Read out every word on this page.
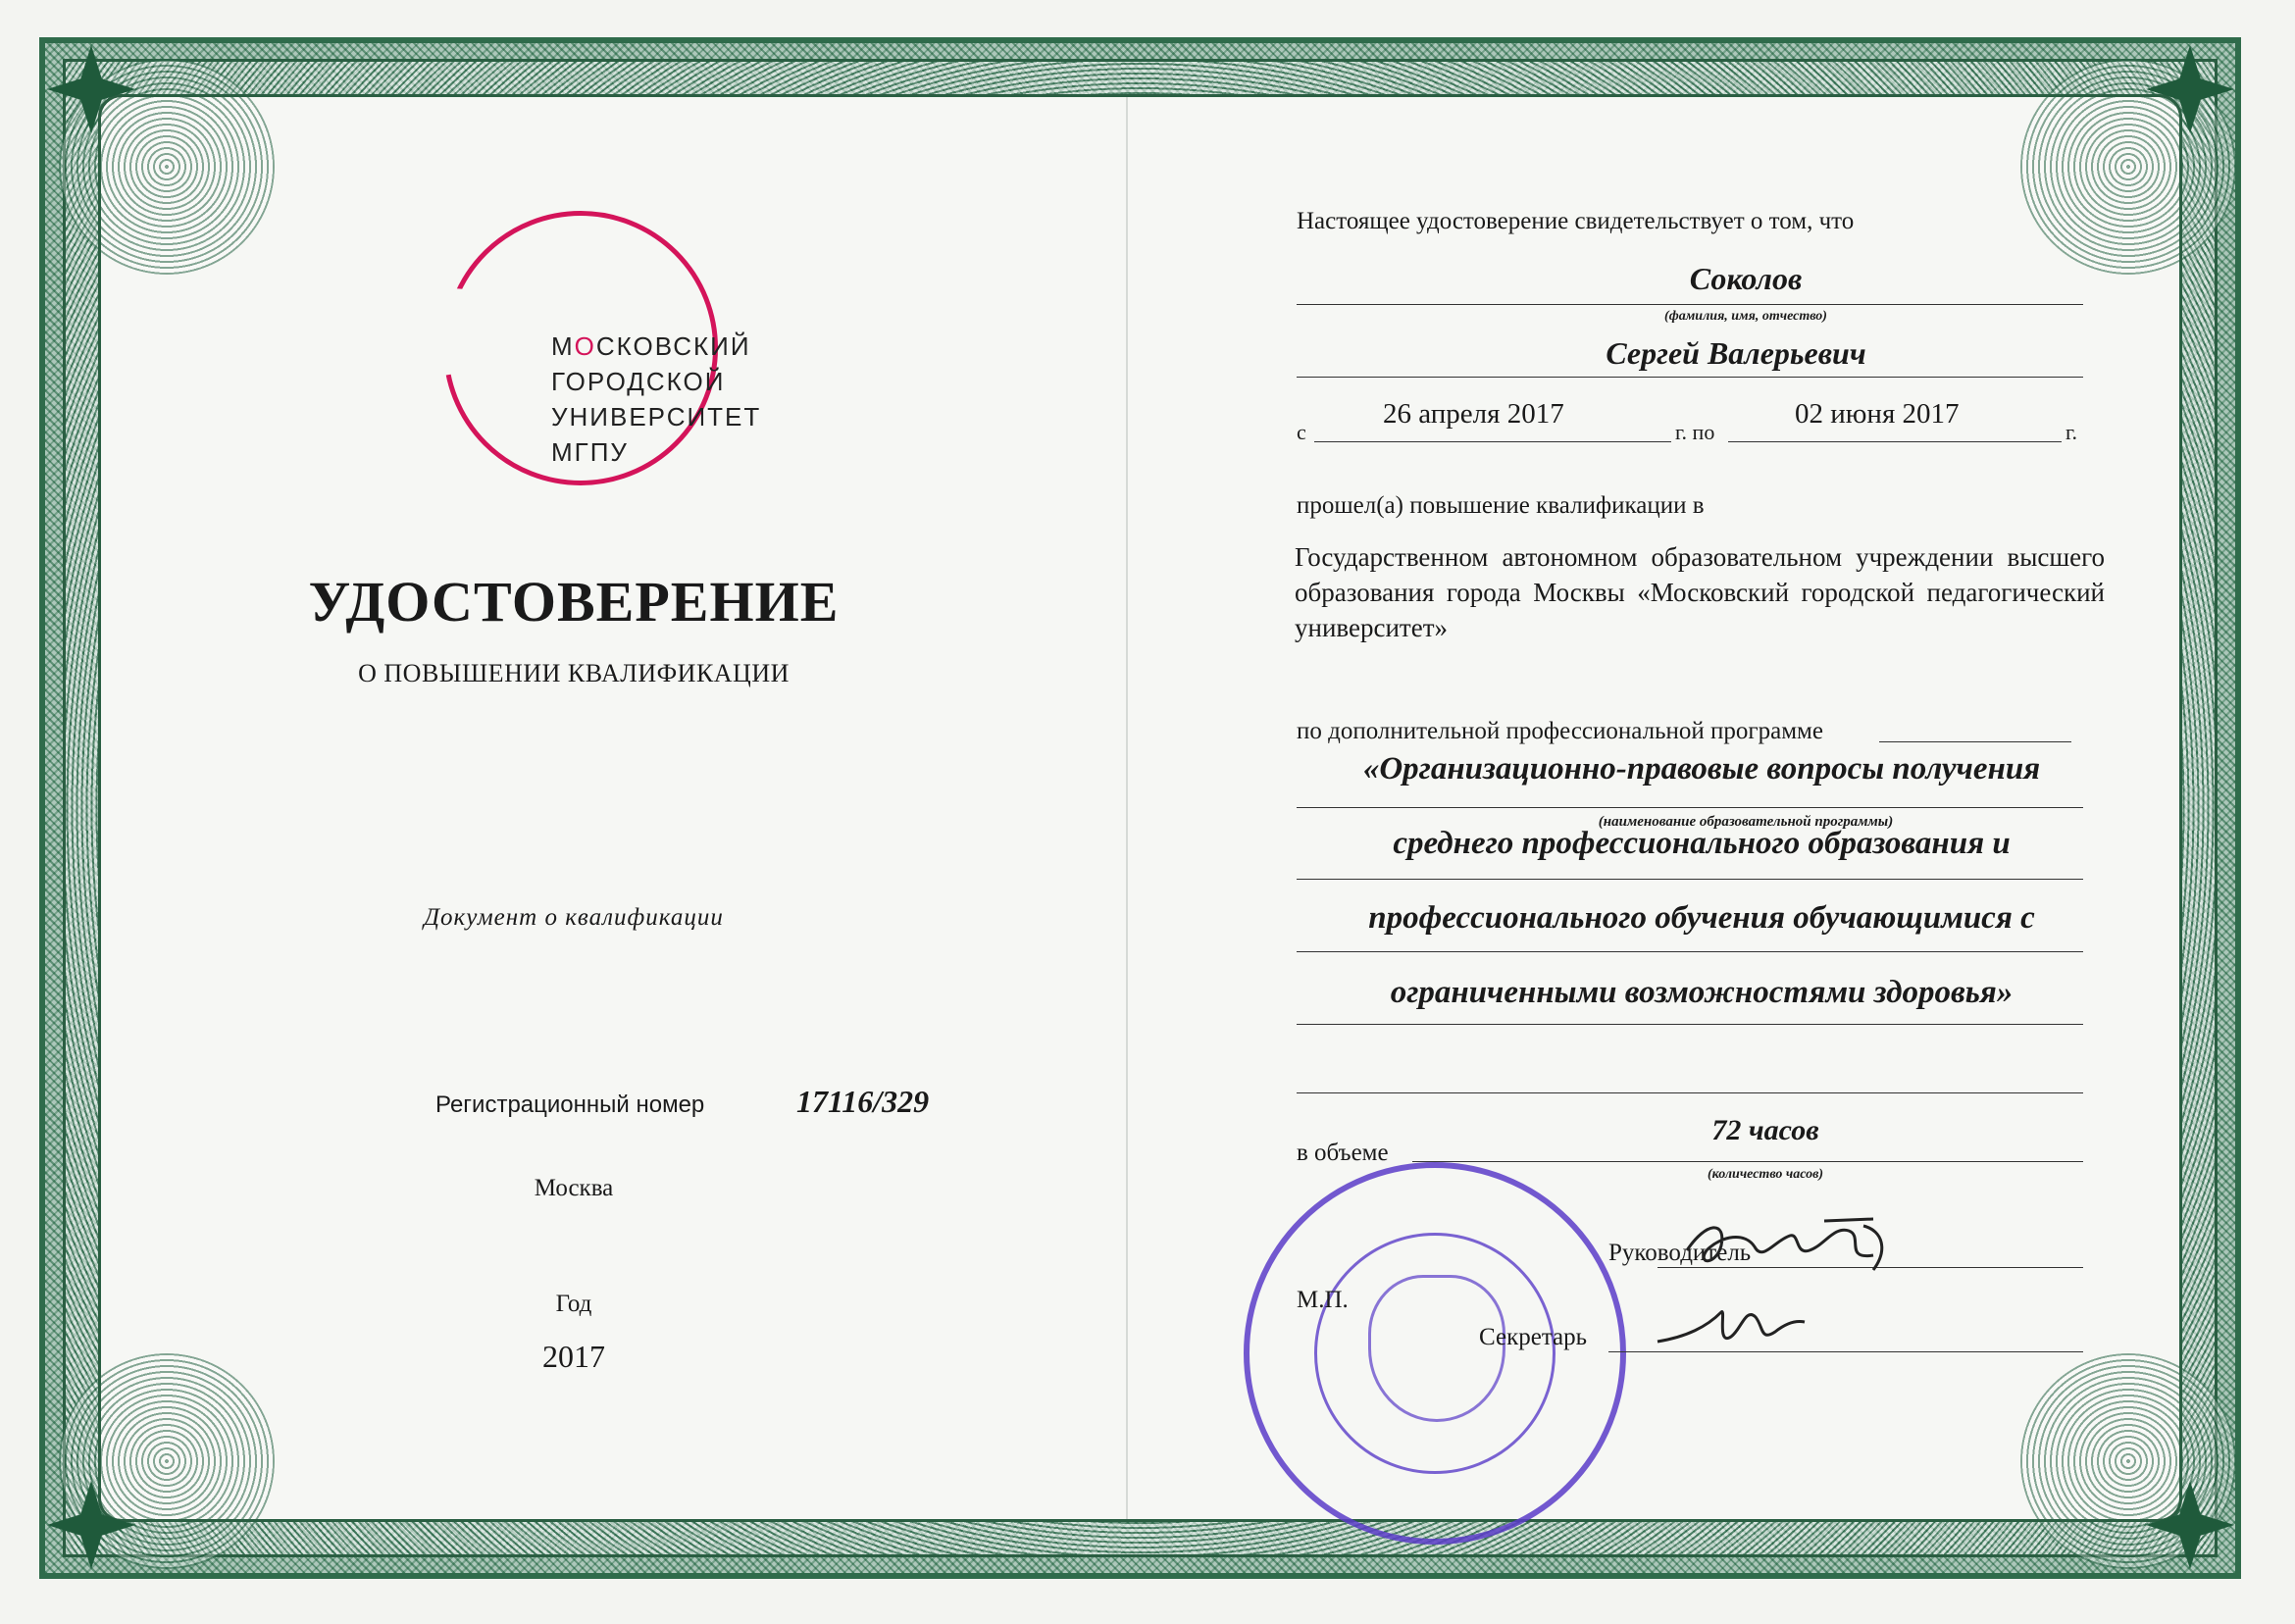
МОСКОВСКИЙ
ГОРОДСКОЙ
УНИВЕРСИТЕТ
МГПУ
УДОСТОВЕРЕНИЕ
О ПОВЫШЕНИИ КВАЛИФИКАЦИИ
Документ о квалификации
Регистрационный номер	17116/329
Москва
Год
2017
Настоящее удостоверение свидетельствует о том, что
Соколов
(фамилия, имя, отчество)
Сергей Валерьевич
с
26 апреля 2017
г. по
02 июня 2017
г.
прошел(а) повышение квалификации в
Государственном автономном образовательном учреждении высшего образования города Москвы «Московский городской педагогический университет»
по дополнительной профессиональной программе
«Организационно-правовые вопросы получения
(наименование образовательной программы)
среднего профессионального образования и
профессионального обучения обучающимися с
ограниченными возможностями здоровья»
в объеме
72 часов
(количество часов)
Руководитель
М.П.
Секретарь
